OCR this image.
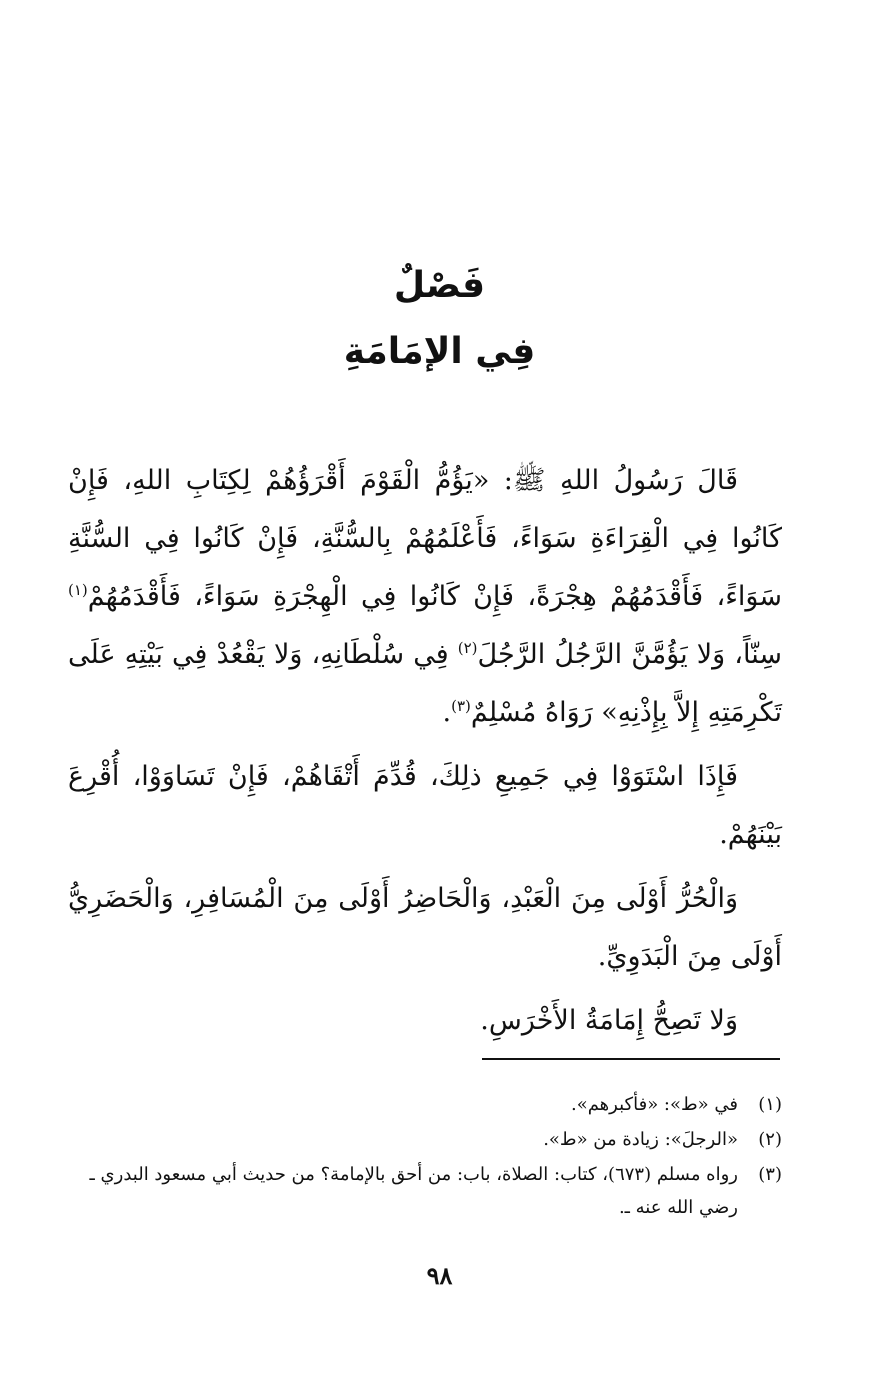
فَصْلٌ
فِي الإمَامَةِ

قَالَ رَسُولُ اللهِ ﷺ: «يَؤُمُّ الْقَوْمَ أَقْرَؤُهُمْ لِكِتَابِ اللهِ، فَإِنْ كَانُوا فِي الْقِرَاءَةِ سَوَاءً، فَأَعْلَمُهُمْ بِالسُّنَّةِ، فَإِنْ كَانُوا فِي السُّنَّةِ سَوَاءً، فَأَقْدَمُهُمْ هِجْرَةً، فَإِنْ كَانُوا فِي الْهِجْرَةِ سَوَاءً، فَأَقْدَمُهُمْ$^{(١)}$ سِنّاً، وَلا يَؤُمَّنَّ الرَّجُلُ الرَّجُلَ$^{(٢)}$ فِي سُلْطَانِهِ، وَلا يَقْعُدْ فِي بَيْتِهِ عَلَى تَكْرِمَتِهِ إِلاَّ بِإِذْنِهِ» رَوَاهُ مُسْلِمٌ$^{(٣)}$.

فَإِذَا اسْتَوَوْا فِي جَمِيعِ ذلِكَ، قُدِّمَ أَتْقَاهُمْ، فَإِنْ تَسَاوَوْا، أُقْرِعَ بَيْنَهُمْ.

وَالْحُرُّ أَوْلَى مِنَ الْعَبْدِ، وَالْحَاضِرُ أَوْلَى مِنَ الْمُسَافِرِ، وَالْحَضَرِيُّ أَوْلَى مِنَ الْبَدَوِيِّ.

وَلا تَصِحُّ إِمَامَةُ الأَخْرَسِ.

(١)
في «ط»: «فأكبرهم».
(٢)
«الرجلَ»: زيادة من «ط».
(٣)
رواه مسلم (٦٧٣)، كتاب: الصلاة، باب: من أحق بالإمامة؟ من حديث أبي مسعود البدري ـ رضي الله عنه ـ.
٩٨
